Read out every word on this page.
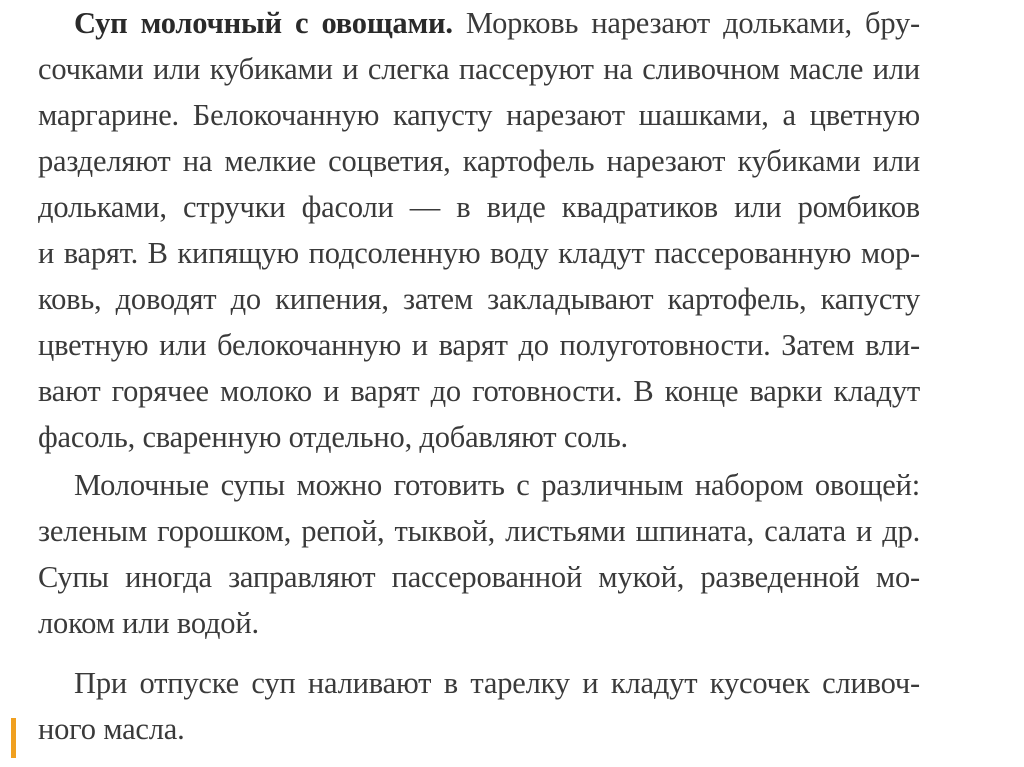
Суп молочный с овощами. Морковь нарезают дольками, бру-
сочками или кубиками и слегка пассеруют на сливочном масле или
маргарине. Белокочанную капусту нарезают шашками, а цветную
разделяют на мелкие соцветия, картофель нарезают кубиками или
дольками, стручки фасоли — в виде квадратиков или ромбиков
и варят. В кипящую подсоленную воду кладут пассерованную мор-
ковь, доводят до кипения, затем закладывают картофель, капусту
цветную или белокочанную и варят до полуготовности. Затем вли-
вают горячее молоко и варят до готовности. В конце варки кладут
фасоль, сваренную отдельно, добавляют соль.
Молочные супы можно готовить с различным набором овощей:
зеленым горошком, репой, тыквой, листьями шпината, салата и др.
Супы иногда заправляют пассерованной мукой, разведенной мо-
локом или водой.
При отпуске суп наливают в тарелку и кладут кусочек сливоч-
ного масла.
